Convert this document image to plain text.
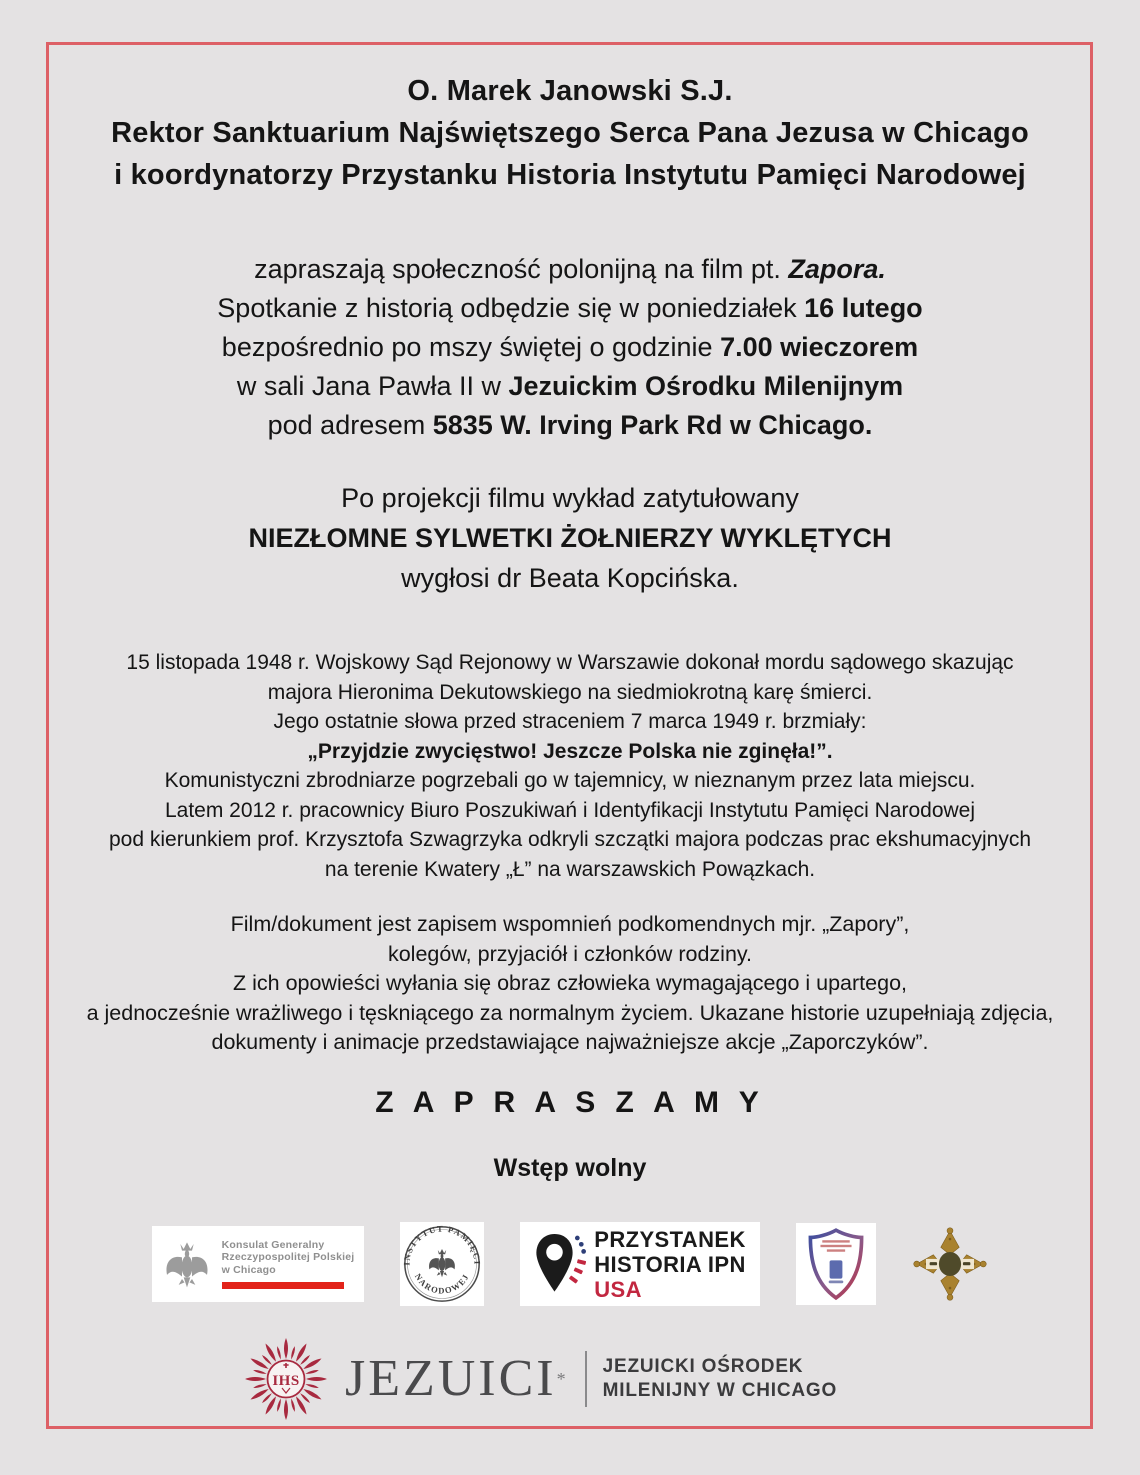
O. Marek Janowski S.J.
Rektor Sanktuarium Najświętszego Serca Pana Jezusa w Chicago
i koordynatorzy Przystanku Historia Instytutu Pamięci Narodowej
zapraszają społeczność polonijną na film pt. Zapora.
Spotkanie z historią odbędzie się w poniedziałek 16 lutego
bezpośrednio po mszy świętej o godzinie 7.00 wieczorem
w sali Jana Pawła II w Jezuickim Ośrodku Milenijnym
pod adresem 5835 W. Irving Park Rd w Chicago.
Po projekcji filmu wykład zatytułowany
NIEZŁOMNE SYLWETKI ŻOŁNIERZY WYKLĘTYCH
wygłosi dr Beata Kopcińska.
15 listopada 1948 r. Wojskowy Sąd Rejonowy w Warszawie dokonał mordu sądowego skazując
majora Hieronima Dekutowskiego na siedmiokrotną karę śmierci.
Jego ostatnie słowa przed straceniem 7 marca 1949 r. brzmiały:
„Przyjdzie zwycięstwo! Jeszcze Polska nie zginęła!”.
Komunistyczni zbrodniarze pogrzebali go w tajemnicy, w nieznanym przez lata miejscu.
Latem 2012 r. pracownicy Biuro Poszukiwań i Identyfikacji Instytutu Pamięci Narodowej
pod kierunkiem prof. Krzysztofa Szwagrzyka odkryli szczątki majora podczas prac ekshumacyjnych
na terenie Kwatery „Ł” na warszawskich Powązkach.
Film/dokument jest zapisem wspomnień podkomendnych mjr. „Zapory”,
kolegów, przyjaciół i członków rodziny.
Z ich opowieści wyłania się obraz człowieka wymagającego i upartego,
a jednocześnie wrażliwego i tęskniącego za normalnym życiem. Ukazane historie uzupełniają zdjęcia,
dokumenty i animacje przedstawiające najważniejsze akcje „Zaporczyków”.
Z A P R A S Z A M Y
Wstęp wolny
Konsulat Generalny
Rzeczypospolitej Polskiej
w Chicago
INSTYTUT PAMIĘCI
NARODOWEJ
PRZYSTANEK
HISTORIA IPN
USA
IHS JEZUICI*
JEZUICKI OŚRODEK
MILENIJNY W CHICAGO
